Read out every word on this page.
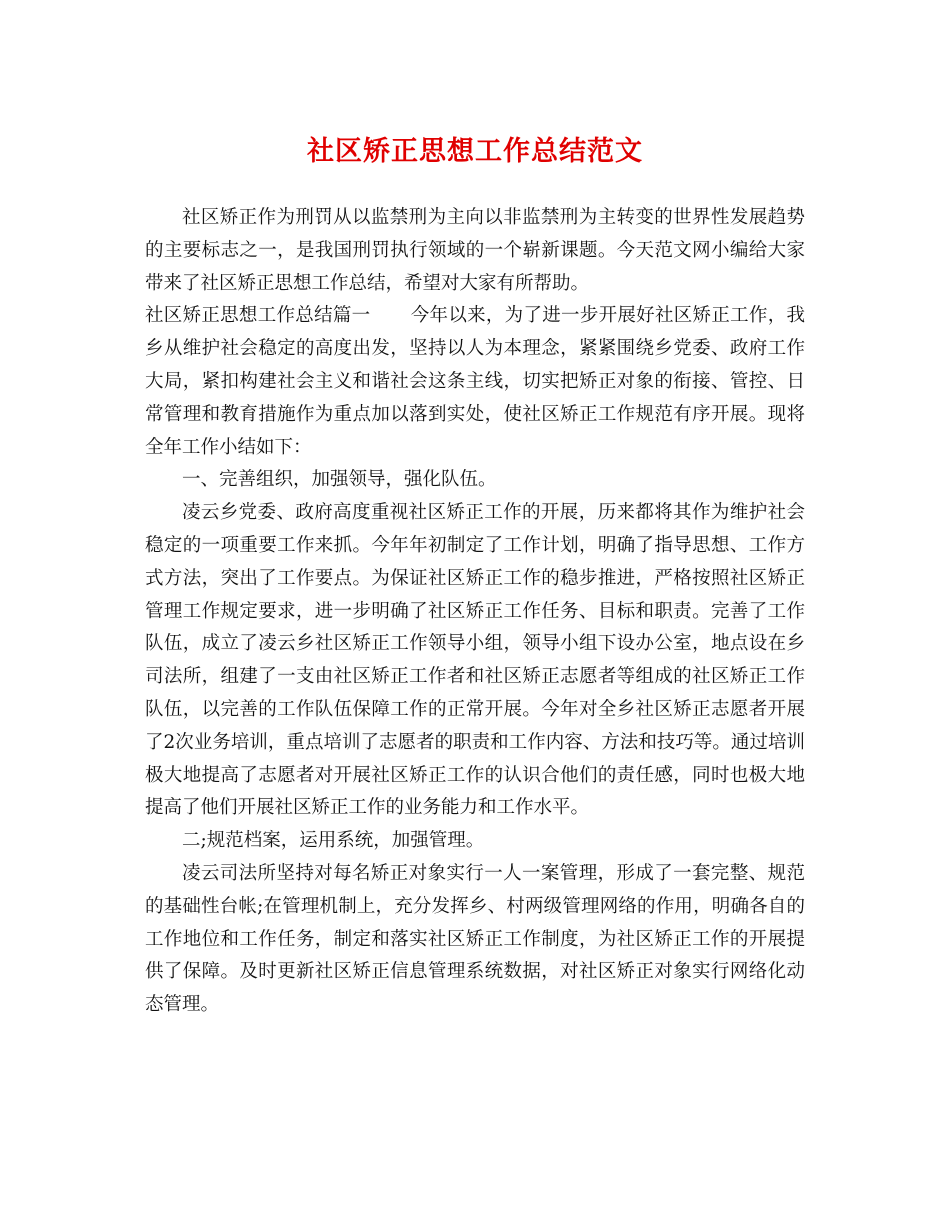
社区矫正思想工作总结范文

社区矫正作为刑罚从以监禁刑为主向以非监禁刑为主转变的世界性发展趋势的主要标志之一，是我国刑罚执行领域的一个崭新课题。今天范文网小编给大家带来了社区矫正思想工作总结，希望对大家有所帮助。

社区矫正思想工作总结篇一 今年以来，为了进一步开展好社区矫正工作，我乡从维护社会稳定的高度出发，坚持以人为本理念，紧紧围绕乡党委、政府工作大局，紧扣构建社会主义和谐社会这条主线，切实把矫正对象的衔接、管控、日常管理和教育措施作为重点加以落到实处，使社区矫正工作规范有序开展。现将全年工作小结如下：

一、完善组织，加强领导，强化队伍。

凌云乡党委、政府高度重视社区矫正工作的开展，历来都将其作为维护社会稳定的一项重要工作来抓。今年年初制定了工作计划，明确了指导思想、工作方式方法，突出了工作要点。为保证社区矫正工作的稳步推进，严格按照社区矫正管理工作规定要求，进一步明确了社区矫正工作任务、目标和职责。完善了工作队伍，成立了凌云乡社区矫正工作领导小组，领导小组下设办公室，地点设在乡司法所，组建了一支由社区矫正工作者和社区矫正志愿者等组成的社区矫正工作队伍，以完善的工作队伍保障工作的正常开展。今年对全乡社区矫正志愿者开展了2次业务培训，重点培训了志愿者的职责和工作内容、方法和技巧等。通过培训极大地提高了志愿者对开展社区矫正工作的认识合他们的责任感，同时也极大地提高了他们开展社区矫正工作的业务能力和工作水平。

二;规范档案，运用系统，加强管理。

凌云司法所坚持对每名矫正对象实行一人一案管理，形成了一套完整、规范的基础性台帐;在管理机制上，充分发挥乡、村两级管理网络的作用，明确各自的工作地位和工作任务，制定和落实社区矫正工作制度，为社区矫正工作的开展提供了保障。及时更新社区矫正信息管理系统数据，对社区矫正对象实行网络化动态管理。
